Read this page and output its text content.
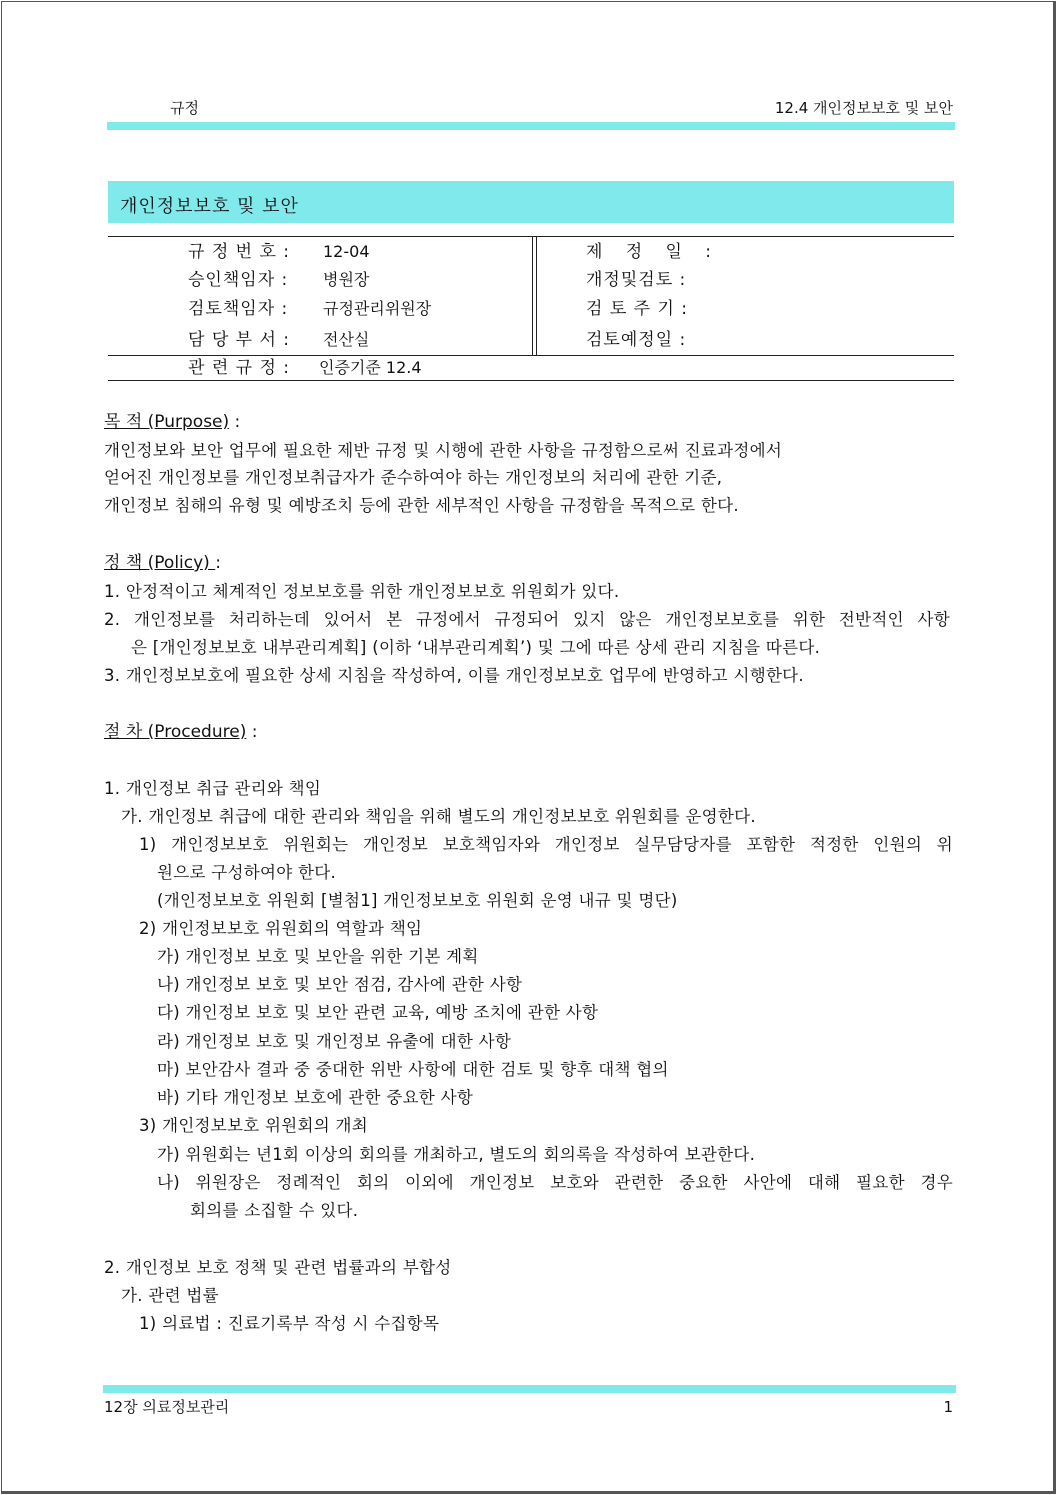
규정	12.4 개인정보보호 및 보안
개인정보보호 및 보안
규 정 번 호 : 12-04
승인책임자 : 병원장
검토책임자 : 규정관리위원장
담 당 부 서 : 전산실
관 련 규 정 : 인증기준 12.4
제 정 일 :
개정및검토 :
검 토 주 기 :
검토예정일 :
목 적 (Purpose) :
개인정보와 보안 업무에 필요한 제반 규정 및 시행에 관한 사항을 규정함으로써 진료과정에서
얻어진 개인정보를 개인정보취급자가 준수하여야 하는 개인정보의 처리에 관한 기준,
개인정보 침해의 유형 및 예방조치 등에 관한 세부적인 사항을 규정함을 목적으로 한다.
정 책 (Policy) :
1. 안정적이고 체계적인 정보보호를 위한 개인정보보호 위원회가 있다.
2. 개인정보를 처리하는데 있어서 본 규정에서 규정되어 있지 않은 개인정보보호를 위한 전반적인 사항
은 [개인정보보호 내부관리계획] (이하 ‘내부관리계획’) 및 그에 따른 상세 관리 지침을 따른다.
3. 개인정보보호에 필요한 상세 지침을 작성하여, 이를 개인정보보호 업무에 반영하고 시행한다.
절 차 (Procedure) :
1. 개인정보 취급 관리와 책임
가. 개인정보 취급에 대한 관리와 책임을 위해 별도의 개인정보보호 위원회를 운영한다.
1) 개인정보보호 위원회는 개인정보 보호책임자와 개인정보 실무담당자를 포함한 적정한 인원의 위
원으로 구성하여야 한다.
(개인정보보호 위원회 [별첨1] 개인정보보호 위원회 운영 내규 및 명단)
2) 개인정보보호 위원회의 역할과 책임
가) 개인정보 보호 및 보안을 위한 기본 계획
나) 개인정보 보호 및 보안 점검, 감사에 관한 사항
다) 개인정보 보호 및 보안 관련 교육, 예방 조치에 관한 사항
라) 개인정보 보호 및 개인정보 유출에 대한 사항
마) 보안감사 결과 중 중대한 위반 사항에 대한 검토 및 향후 대책 협의
바) 기타 개인정보 보호에 관한 중요한 사항
3) 개인정보보호 위원회의 개최
가) 위원회는 년1회 이상의 회의를 개최하고, 별도의 회의록을 작성하여 보관한다.
나) 위원장은 정례적인 회의 이외에 개인정보 보호와 관련한 중요한 사안에 대해 필요한 경우
회의를 소집할 수 있다.
2. 개인정보 보호 정책 및 관련 법률과의 부합성
가. 관련 법률
1) 의료법 : 진료기록부 작성 시 수집항목
12장 의료정보관리	1
